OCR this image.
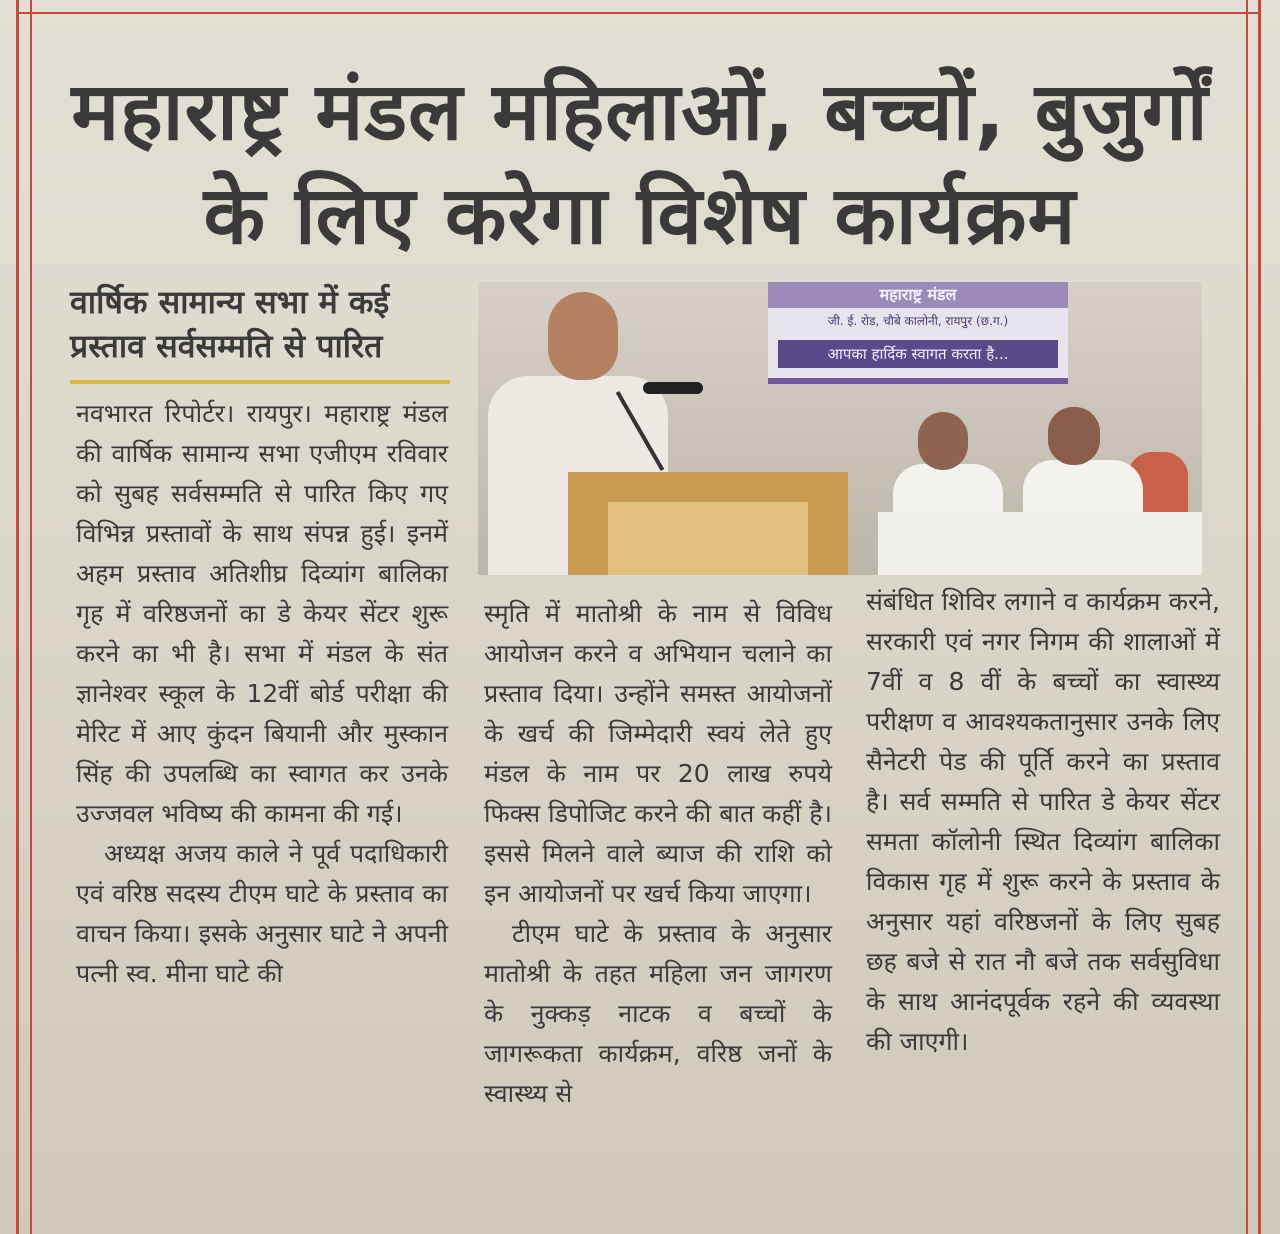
महाराष्ट्र मंडल महिलाओं, बच्चों, बुजुर्गों
के लिए करेगा विशेष कार्यक्रम
वार्षिक सामान्य सभा में कई
प्रस्ताव सर्वसम्मति से पारित
महाराष्ट्र मंडल
जी. ई. रोड, चौबे कालोनी, रायपुर (छ.ग.)
आपका हार्दिक स्वागत करता है...

नवभारत रिपोर्टर। रायपुर। महाराष्ट्र मंडल की वार्षिक सामान्य सभा एजीएम रविवार को सुबह सर्वसम्मति से पारित किए गए विभिन्न प्रस्तावों के साथ संपन्न हुई। इनमें अहम प्रस्ताव अतिशीघ्र दिव्यांग बालिका गृह में वरिष्ठजनों का डे केयर सेंटर शुरू करने का भी है। सभा में मंडल के संत ज्ञानेश्वर स्कूल के 12वीं बोर्ड परीक्षा की मेरिट में आए कुंदन बियानी और मुस्कान सिंह की उपलब्धि का स्वागत कर उनके उज्जवल भविष्य की कामना की गई।

अध्यक्ष अजय काले ने पूर्व पदाधिकारी एवं वरिष्ठ सदस्य टीएम घाटे के प्रस्ताव का वाचन किया। इसके अनुसार घाटे ने अपनी पत्नी स्व. मीना घाटे की

स्मृति में मातोश्री के नाम से विविध आयोजन करने व अभियान चलाने का प्रस्ताव दिया। उन्होंने समस्त आयोजनों के खर्च की जिम्मेदारी स्वयं लेते हुए मंडल के नाम पर 20 लाख रुपये फिक्स डिपोजिट करने की बात कहीं है। इससे मिलने वाले ब्याज की राशि को इन आयोजनों पर खर्च किया जाएगा।

टीएम घाटे के प्रस्ताव के अनुसार मातोश्री के तहत महिला जन जागरण के नुक्कड़ नाटक व बच्चों के जागरूकता कार्यक्रम, वरिष्ठ जनों के स्वास्थ्य से

संबंधित शिविर लगाने व कार्यक्रम करने, सरकारी एवं नगर निगम की शालाओं में 7वीं व 8 वीं के बच्चों का स्वास्थ्य परीक्षण व आवश्यकतानुसार उनके लिए सैनेटरी पेड की पूर्ति करने का प्रस्ताव है। सर्व सम्मति से पारित डे केयर सेंटर समता कॉलोनी स्थित दिव्यांग बालिका विकास गृह में शुरू करने के प्रस्ताव के अनुसार यहां वरिष्ठजनों के लिए सुबह छह बजे से रात नौ बजे तक सर्वसुविधा के साथ आनंदपूर्वक रहने की व्यवस्था की जाएगी।
